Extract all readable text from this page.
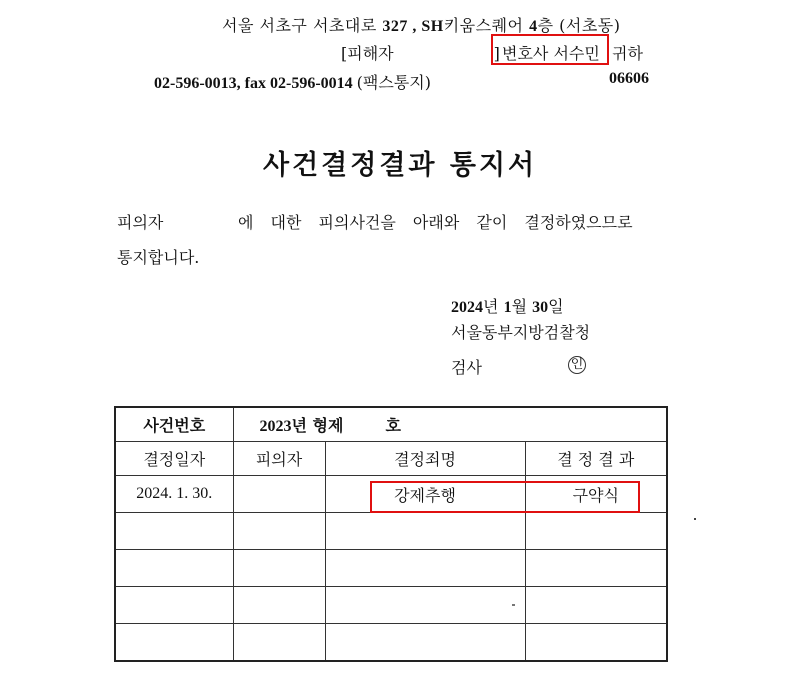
서울 서초구 서초대로 327 , SH키움스퀘어 4층 (서초동)
[피해자	] 변호사 서수민 귀하
02-596-0013, fax 02-596-0014 (팩스통지)	06606
사건결정결과 통지서
피의자	에 대한 피의사건을 아래와 같이 결정하였으므로
통지합니다.
2024년 1월 30일
서울동부지방검찰청
검사	인
사건번호	2023년 형제 호		
결정일자	피의자	결정죄명	결 정 결 과
2024. 1. 30.		강제추행	구약식
